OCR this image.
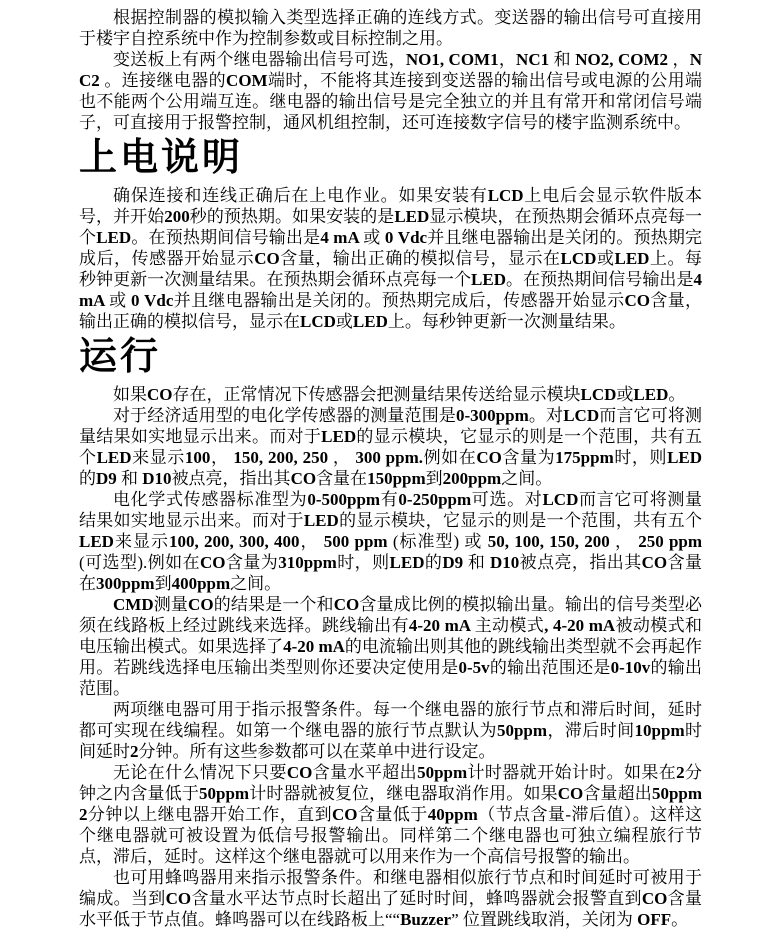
根据控制器的模拟输入类型选择正确的连线方式。变送器的输出信号可直接用于楼宇自控系统中作为控制参数或目标控制之用。

变送板上有两个继电器输出信号可选，NO1, COM1，NC1 和 NO2, COM2 ，NC2 。连接继电器的COM端时，不能将其连接到变送器的输出信号或电源的公用端也不能两个公用端互连。继电器的输出信号是完全独立的并且有常开和常闭信号端子，可直接用于报警控制，通风机组控制，还可连接数字信号的楼宇监测系统中。

上电说明

确保连接和连线正确后在上电作业。如果安装有LCD上电后会显示软件版本号，并开始200秒的预热期。如果安装的是LED显示模块，在预热期会循环点亮每一个LED。在预热期间信号输出是4 mA 或 0 Vdc并且继电器输出是关闭的。预热期完成后，传感器开始显示CO含量，输出正确的模拟信号，显示在LCD或LED上。每秒钟更新一次测量结果。在预热期会循环点亮每一个LED。在预热期间信号输出是4 mA 或 0 Vdc并且继电器输出是关闭的。预热期完成后，传感器开始显示CO含量，输出正确的模拟信号，显示在LCD或LED上。每秒钟更新一次测量结果。

运行

如果CO存在，正常情况下传感器会把测量结果传送给显示模块LCD或LED。

对于经济适用型的电化学传感器的测量范围是0-300ppm。对LCD而言它可将测量结果如实地显示出来。而对于LED的显示模块，它显示的则是一个范围，共有五个LED来显示100， 150, 200, 250 ， 300 ppm.例如在CO含量为175ppm时，则LED的D9 和 D10被点亮，指出其CO含量在150ppm到200ppm之间。

电化学式传感器标准型为0-500ppm有0-250ppm可选。对LCD而言它可将测量结果如实地显示出来。而对于LED的显示模块，它显示的则是一个范围，共有五个LED来显示100, 200, 300, 400， 500 ppm (标准型) 或 50, 100, 150, 200 ， 250 ppm (可选型).例如在CO含量为310ppm时，则LED的D9 和 D10被点亮，指出其CO含量在300ppm到400ppm之间。

CMD测量CO的结果是一个和CO含量成比例的模拟输出量。输出的信号类型必须在线路板上经过跳线来选择。跳线输出有4-20 mA 主动模式, 4-20 mA被动模式和电压输出模式。如果选择了4-20 mA的电流输出则其他的跳线输出类型就不会再起作用。若跳线选择电压输出类型则你还要决定使用是0-5v的输出范围还是0-10v的输出范围。

两项继电器可用于指示报警条件。每一个继电器的旅行节点和滞后时间，延时都可实现在线编程。如第一个继电器的旅行节点默认为50ppm，滞后时间10ppm时间延时2分钟。所有这些参数都可以在菜单中进行设定。

无论在什么情况下只要CO含量水平超出50ppm计时器就开始计时。如果在2分钟之内含量低于50ppm计时器就被复位，继电器取消作用。如果CO含量超出50ppm 2分钟以上继电器开始工作，直到CO含量低于40ppm（节点含量-滞后值）。这样这个继电器就可被设置为低信号报警输出。同样第二个继电器也可独立编程旅行节点，滞后，延时。这样这个继电器就可以用来作为一个高信号报警的输出。

也可用蜂鸣器用来指示报警条件。和继电器相似旅行节点和时间延时可被用于编成。当到CO含量水平达节点时长超出了延时时间，蜂鸣器就会报警直到CO含量水平低于节点值。蜂鸣器可以在线路板上““Buzzer” 位置跳线取消，关闭为 OFF。
